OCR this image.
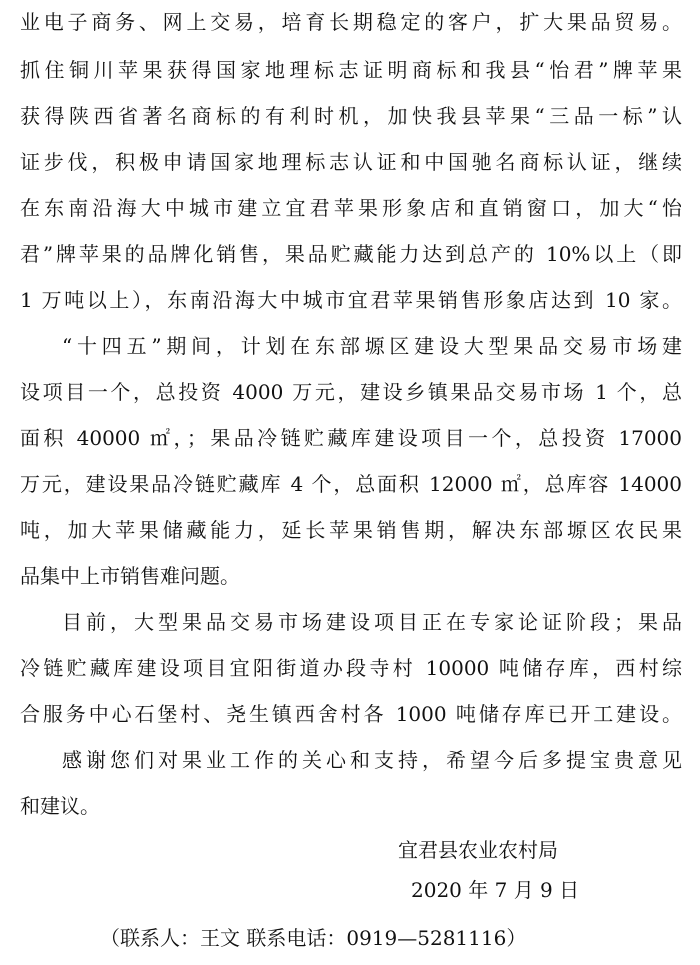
业电子商务、网上交易，培育长期稳定的客户，扩大果品贸易。
抓住铜川苹果获得国家地理标志证明商标和我县“怡君”牌苹果
获得陕西省著名商标的有利时机，加快我县苹果“三品一标”认
证步伐，积极申请国家地理标志认证和中国驰名商标认证，继续
在东南沿海大中城市建立宜君苹果形象店和直销窗口，加大“怡
君”牌苹果的品牌化销售，果品贮藏能力达到总产的 10%以上（即
1 万吨以上），东南沿海大中城市宜君苹果销售形象店达到 10 家。
“十四五”期间，计划在东部塬区建设大型果品交易市场建
设项目一个，总投资 4000 万元，建设乡镇果品交易市场 1 个，总
面积 40000 ㎡，；果品冷链贮藏库建设项目一个，总投资 17000
万元，建设果品冷链贮藏库 4 个，总面积 12000 ㎡，总库容 14000
吨，加大苹果储藏能力，延长苹果销售期，解决东部塬区农民果
品集中上市销售难问题。
目前，大型果品交易市场建设项目正在专家论证阶段；果品
冷链贮藏库建设项目宜阳街道办段寺村 10000 吨储存库，西村综
合服务中心石堡村、尧生镇西舍村各 1000 吨储存库已开工建设。
感谢您们对果业工作的关心和支持，希望今后多提宝贵意见
和建议。
宜君县农业农村局
2020 年 7 月 9 日
（联系人：王文 联系电话：0919—5281116）
